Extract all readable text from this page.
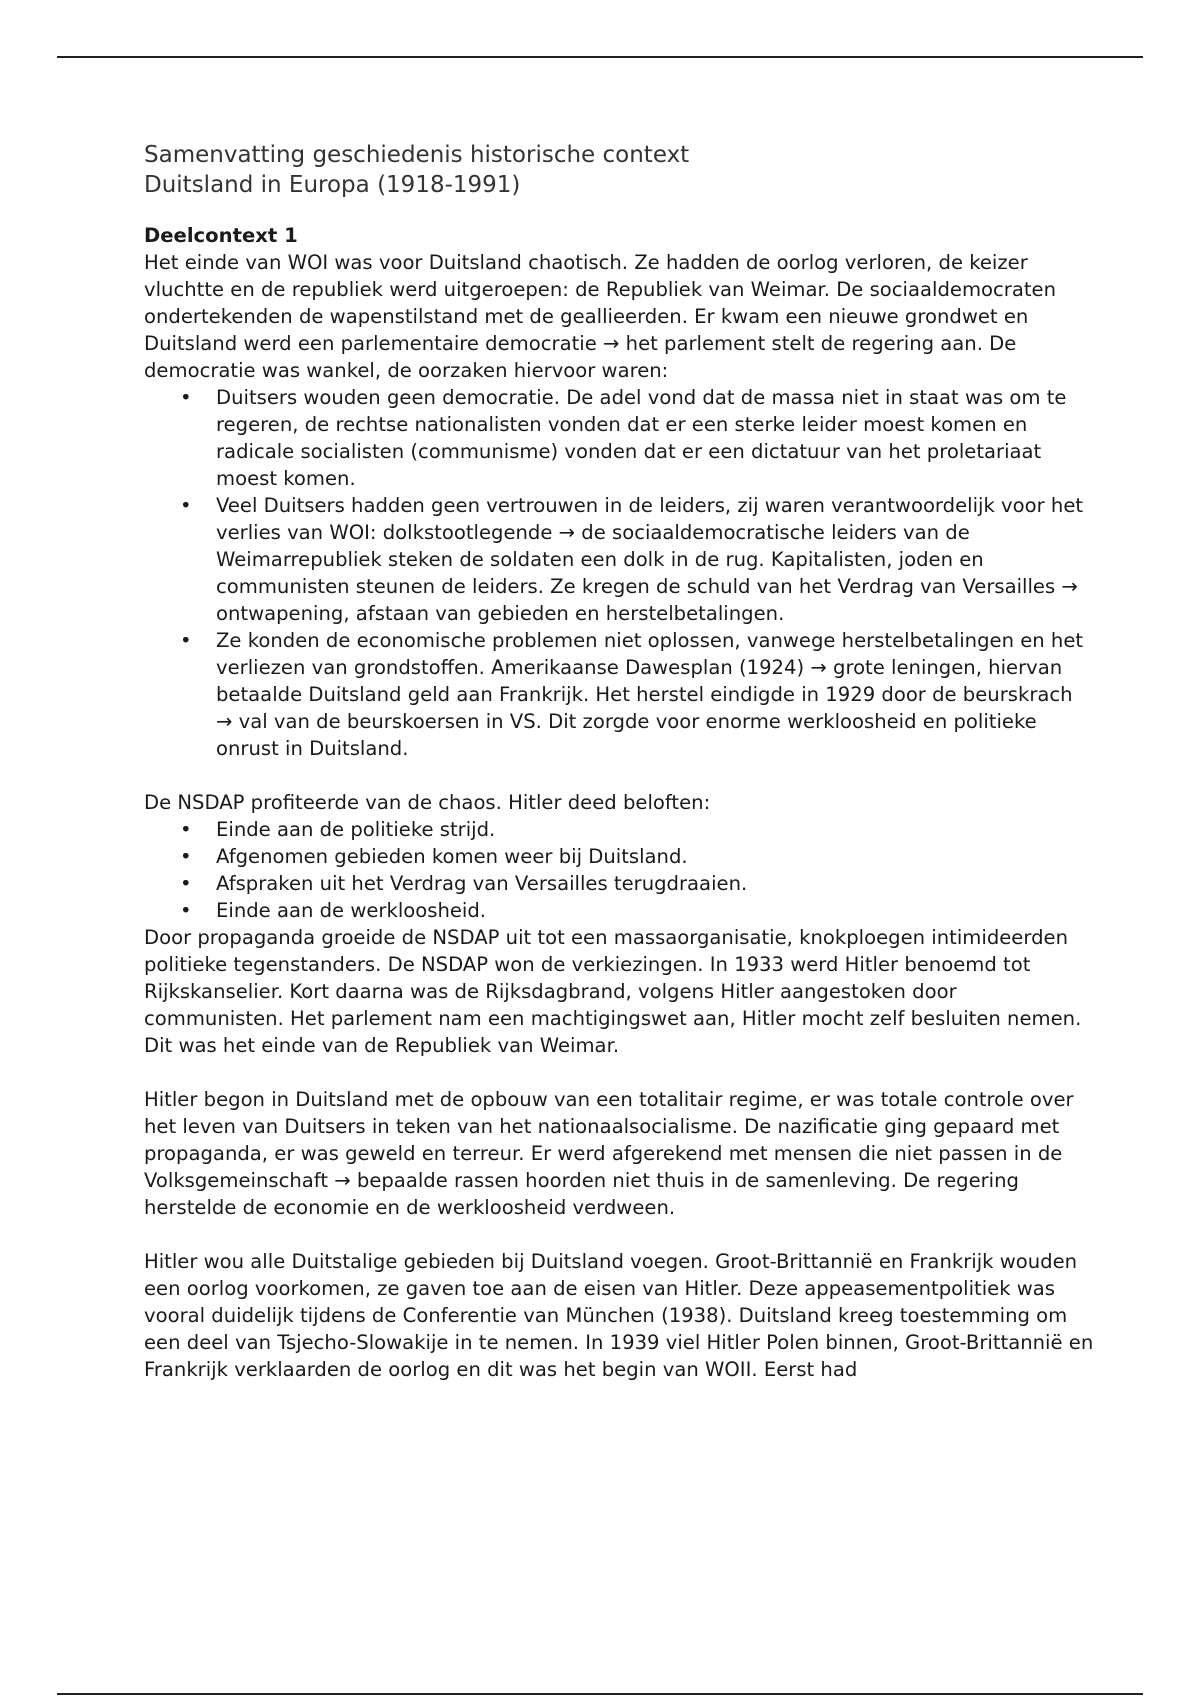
Samenvatting geschiedenis historische context
Duitsland in Europa (1918-1991)
Deelcontext 1

Het einde van WOI was voor Duitsland chaotisch. Ze hadden de oorlog verloren, de keizer vluchtte en de republiek werd uitgeroepen: de Republiek van Weimar. De sociaaldemocraten ondertekenden de wapenstilstand met de geallieerden. Er kwam een nieuwe grondwet en Duitsland werd een parlementaire democratie → het parlement stelt de regering aan. De democratie was wankel, de oorzaken hiervoor waren:

• Duitsers wouden geen democratie. De adel vond dat de massa niet in staat was om te regeren, de rechtse nationalisten vonden dat er een sterke leider moest komen en radicale socialisten (communisme) vonden dat er een dictatuur van het proletariaat moest komen.
• Veel Duitsers hadden geen vertrouwen in de leiders, zij waren verantwoordelijk voor het verlies van WOI: dolkstootlegende → de sociaaldemocratische leiders van de Weimarrepubliek steken de soldaten een dolk in de rug. Kapitalisten, joden en communisten steunen de leiders. Ze kregen de schuld van het Verdrag van Versailles → ontwapening, afstaan van gebieden en herstelbetalingen.
• Ze konden de economische problemen niet oplossen, vanwege herstelbetalingen en het verliezen van grondstoffen. Amerikaanse Dawesplan (1924) → grote leningen, hiervan betaalde Duitsland geld aan Frankrijk. Het herstel eindigde in 1929 door de beurskrach → val van de beurskoersen in VS. Dit zorgde voor enorme werkloosheid en politieke onrust in Duitsland.

De NSDAP profiteerde van de chaos. Hitler deed beloften:

• Einde aan de politieke strijd.
• Afgenomen gebieden komen weer bij Duitsland.
• Afspraken uit het Verdrag van Versailles terugdraaien.
• Einde aan de werkloosheid.

Door propaganda groeide de NSDAP uit tot een massaorganisatie, knokploegen intimideerden politieke tegenstanders. De NSDAP won de verkiezingen. In 1933 werd Hitler benoemd tot Rijkskanselier. Kort daarna was de Rijksdagbrand, volgens Hitler aangestoken door communisten. Het parlement nam een machtigingswet aan, Hitler mocht zelf besluiten nemen. Dit was het einde van de Republiek van Weimar.

Hitler begon in Duitsland met de opbouw van een totalitair regime, er was totale controle over het leven van Duitsers in teken van het nationaalsocialisme. De nazificatie ging gepaard met propaganda, er was geweld en terreur. Er werd afgerekend met mensen die niet passen in de Volksgemeinschaft → bepaalde rassen hoorden niet thuis in de samenleving. De regering herstelde de economie en de werkloosheid verdween.

Hitler wou alle Duitstalige gebieden bij Duitsland voegen. Groot-Brittannië en Frankrijk wouden een oorlog voorkomen, ze gaven toe aan de eisen van Hitler. Deze appeasementpolitiek was vooral duidelijk tijdens de Conferentie van München (1938). Duitsland kreeg toestemming om een deel van Tsjecho-Slowakije in te nemen. In 1939 viel Hitler Polen binnen, Groot-Brittannië en Frankrijk verklaarden de oorlog en dit was het begin van WOII. Eerst had
